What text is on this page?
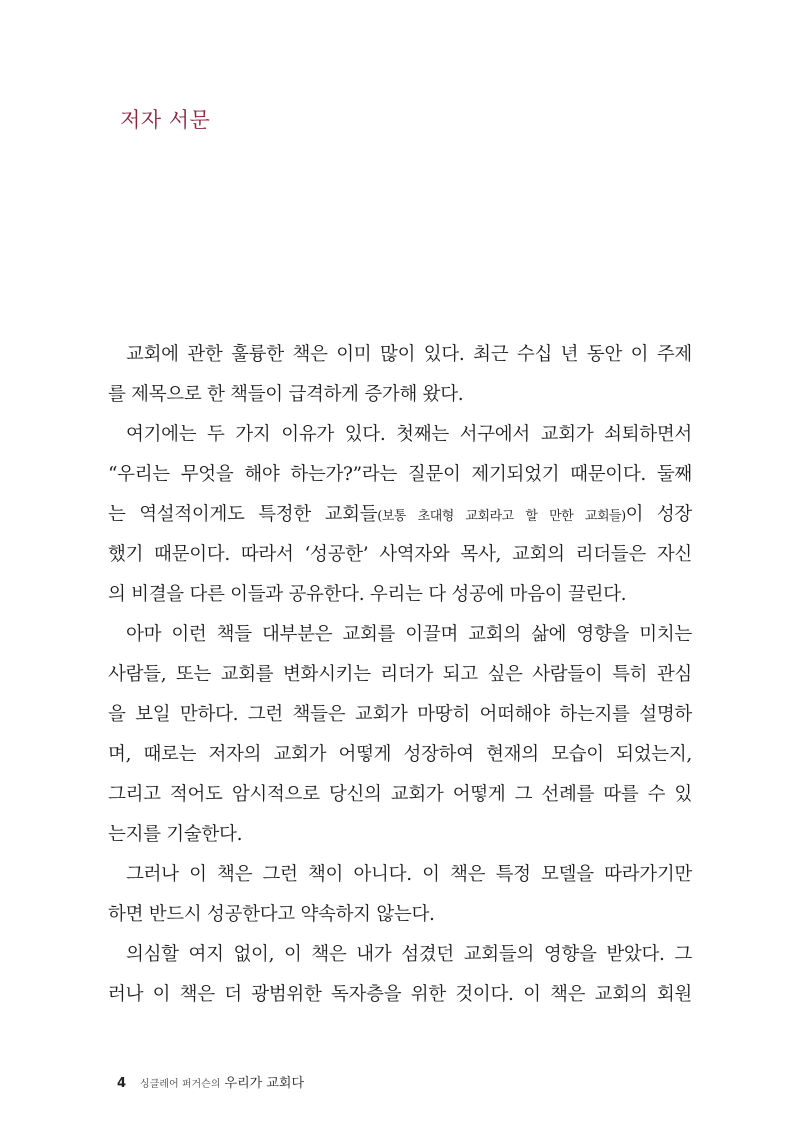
저자 서문
교회에 관한 훌륭한 책은 이미 많이 있다. 최근 수십 년 동안 이 주제
를 제목으로 한 책들이 급격하게 증가해 왔다.
여기에는 두 가지 이유가 있다. 첫째는 서구에서 교회가 쇠퇴하면서
“우리는 무엇을 해야 하는가?”라는 질문이 제기되었기 때문이다. 둘째
는 역설적이게도 특정한 교회들(보통 초대형 교회라고 할 만한 교회들)이 성장
했기 때문이다. 따라서 ‘성공한’ 사역자와 목사, 교회의 리더들은 자신
의 비결을 다른 이들과 공유한다. 우리는 다 성공에 마음이 끌린다.
아마 이런 책들 대부분은 교회를 이끌며 교회의 삶에 영향을 미치는
사람들, 또는 교회를 변화시키는 리더가 되고 싶은 사람들이 특히 관심
을 보일 만하다. 그런 책들은 교회가 마땅히 어떠해야 하는지를 설명하
며, 때로는 저자의 교회가 어떻게 성장하여 현재의 모습이 되었는지,
그리고 적어도 암시적으로 당신의 교회가 어떻게 그 선례를 따를 수 있
는지를 기술한다.
그러나 이 책은 그런 책이 아니다. 이 책은 특정 모델을 따라가기만
하면 반드시 성공한다고 약속하지 않는다.
의심할 여지 없이, 이 책은 내가 섬겼던 교회들의 영향을 받았다. 그
러나 이 책은 더 광범위한 독자층을 위한 것이다. 이 책은 교회의 회원
4 싱클레어 퍼거슨의 우리가 교회다
